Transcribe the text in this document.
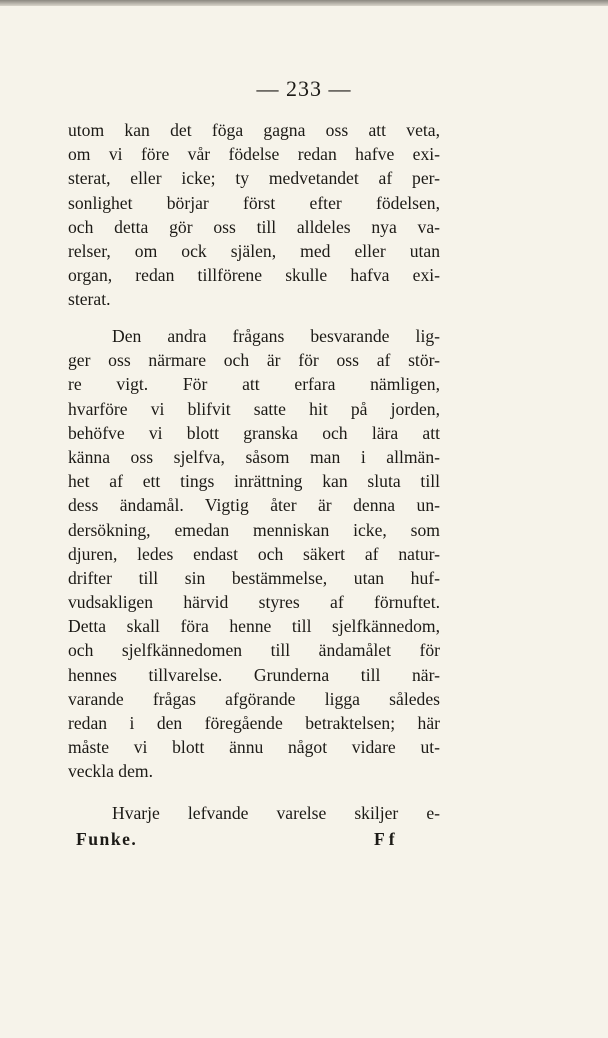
— 233 —
utom kan det föga gagna oss att veta,
om vi före vår födelse redan hafve exi-
sterat, eller icke; ty medvetandet af per-
sonlighet börjar först efter födelsen,
och detta gör oss till alldeles nya va-
relser, om ock själen, med eller utan
organ, redan tillförene skulle hafva exi-
sterat.
Den andra frågans besvarande lig-
ger oss närmare och är för oss af stör-
re vigt. För att erfara nämligen,
hvarföre vi blifvit satte hit på jorden,
behöfve vi blott granska och lära att
känna oss sjelfva, såsom man i allmän-
het af ett tings inrättning kan sluta till
dess ändamål. Vigtig åter är denna un-
dersökning, emedan menniskan icke, som
djuren, ledes endast och säkert af natur-
drifter till sin bestämmelse, utan huf-
vudsakligen härvid styres af förnuftet.
Detta skall föra henne till sjelfkännedom,
och sjelfkännedomen till ändamålet för
hennes tillvarelse. Grunderna till när-
varande frågas afgörande ligga således
redan i den föregående betraktelsen; här
måste vi blott ännu något vidare ut-
veckla dem.
Hvarje lefvande varelse skiljer e-
Funke.	Ff
